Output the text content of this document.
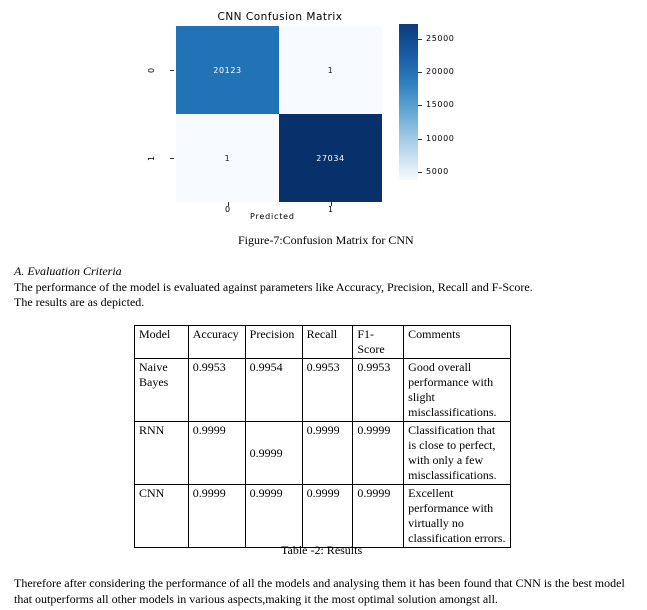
CNN Confusion Matrix
20123	1
1	27034
0
1
0	1
Predicted
25000
20000
15000
10000
5000
Figure-7:Confusion Matrix for CNN
A. Evaluation Criteria
The performance of the model is evaluated against parameters like Accuracy, Precision, Recall and F-Score.
The results are as depicted.
Model	Accuracy	Precision	Recall	F1-Score	Comments
Naive Bayes	0.9953	0.9954	0.9953	0.9953	Good overall performance with slight misclassifications.
RNN	0.9999	0.9999	0.9999	0.9999	Classification that is close to perfect, with only a few misclassifications.
CNN	0.9999	0.9999	0.9999	0.9999	Excellent performance with virtually no classification errors.
Table -2: Results
Therefore after considering the performance of all the models and analysing them it has been found that CNN is the best model that outperforms all other models in various aspects,making it the most optimal solution amongst all.
